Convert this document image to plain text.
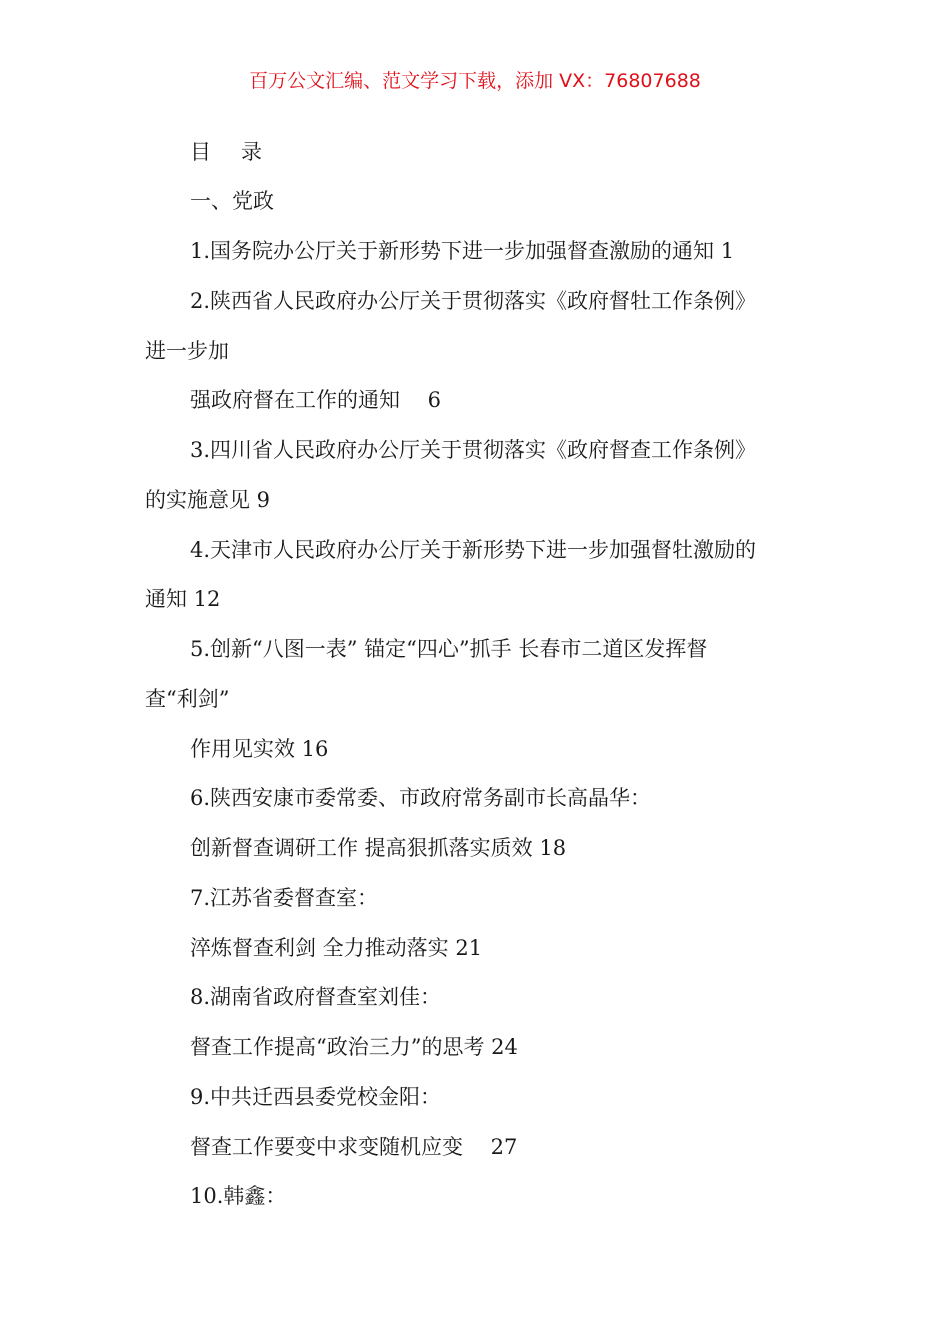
百万公文汇编、范文学习下载，添加 VX：76807688
目 录
一、党政
1.国务院办公厅关于新形势下进一步加强督查激励的通知 1
2.陕西省人民政府办公厅关于贯彻落实《政府督牡工作条例》
进一步加
强政府督在工作的通知　 6
3.四川省人民政府办公厅关于贯彻落实《政府督查工作条例》
的实施意见 9
4.天津市人民政府办公厅关于新形势下进一步加强督牡激励的
通知 12
5.创新“八图一表” 锚定“四心”抓手 长春市二道区发挥督
查“利剑”
作用见实效 16
6.陕西安康市委常委、市政府常务副市长高晶华：
创新督查调研工作 提高狠抓落实质效 18
7.江苏省委督查室：
淬炼督查利剑 全力推动落实 21
8.湖南省政府督查室刘佳：
督查工作提高“政治三力”的思考 24
9.中共迁西县委党校金阳：
督查工作要变中求变随机应变　 27
10.韩鑫：
